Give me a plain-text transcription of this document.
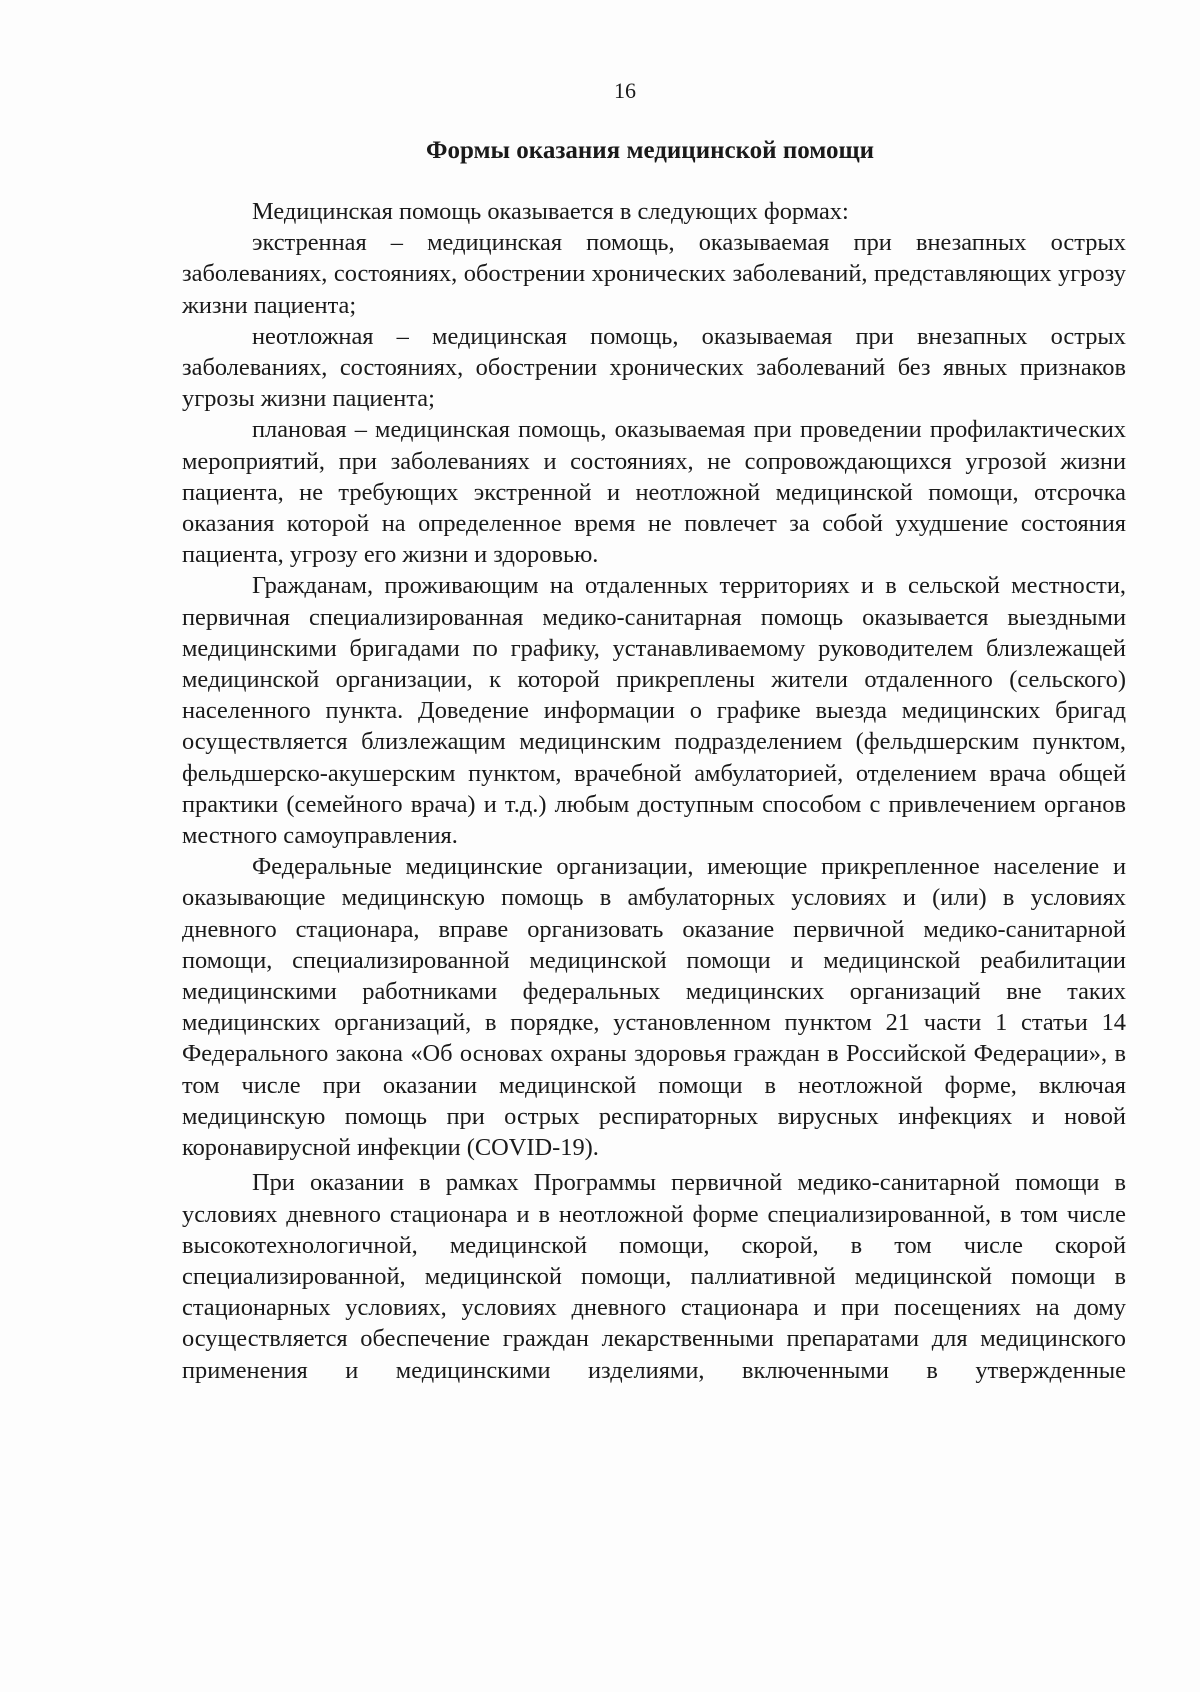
16
Формы оказания медицинской помощи

Медицинская помощь оказывается в следующих формах:

экстренная – медицинская помощь, оказываемая при внезапных острых заболеваниях, состояниях, обострении хронических заболеваний, представляющих угрозу жизни пациента;

неотложная – медицинская помощь, оказываемая при внезапных острых заболеваниях, состояниях, обострении хронических заболеваний без явных признаков угрозы жизни пациента;

плановая – медицинская помощь, оказываемая при проведении профилактических мероприятий, при заболеваниях и состояниях, не сопровождающихся угрозой жизни пациента, не требующих экстренной и неотложной медицинской помощи, отсрочка оказания которой на определенное время не повлечет за собой ухудшение состояния пациента, угрозу его жизни и здоровью.

Гражданам, проживающим на отдаленных территориях и в сельской местности, первичная специализированная медико-санитарная помощь оказывается выездными медицинскими бригадами по графику, устанавливаемому руководителем близлежащей медицинской организации, к которой прикреплены жители отдаленного (сельского) населенного пункта. Доведение информации о графике выезда медицинских бригад осуществляется близлежащим медицинским подразделением (фельдшерским пунктом, фельдшерско-акушерским пунктом, врачебной амбулаторией, отделением врача общей практики (семейного врача) и т.д.) любым доступным способом с привлечением органов местного самоуправления.

Федеральные медицинские организации, имеющие прикрепленное население и оказывающие медицинскую помощь в амбулаторных условиях и (или) в условиях дневного стационара, вправе организовать оказание первичной медико-санитарной помощи, специализированной медицинской помощи и медицинской реабилитации медицинскими работниками федеральных медицинских организаций вне таких медицинских организаций, в порядке, установленном пунктом 21 части 1 статьи 14 Федерального закона «Об основах охраны здоровья граждан в Российской Федерации», в том числе при оказании медицинской помощи в неотложной форме, включая медицинскую помощь при острых респираторных вирусных инфекциях и новой коронавирусной инфекции (COVID-19).

При оказании в рамках Программы первичной медико-санитарной помощи в условиях дневного стационара и в неотложной форме специализированной, в том числе высокотехнологичной, медицинской помощи, скорой, в том числе скорой специализированной, медицинской помощи, паллиативной медицинской помощи в стационарных условиях, условиях дневного стационара и при посещениях на дому осуществляется обеспечение граждан лекарственными препаратами для медицинского применения и медицинскими изделиями, включенными в утвержденные
